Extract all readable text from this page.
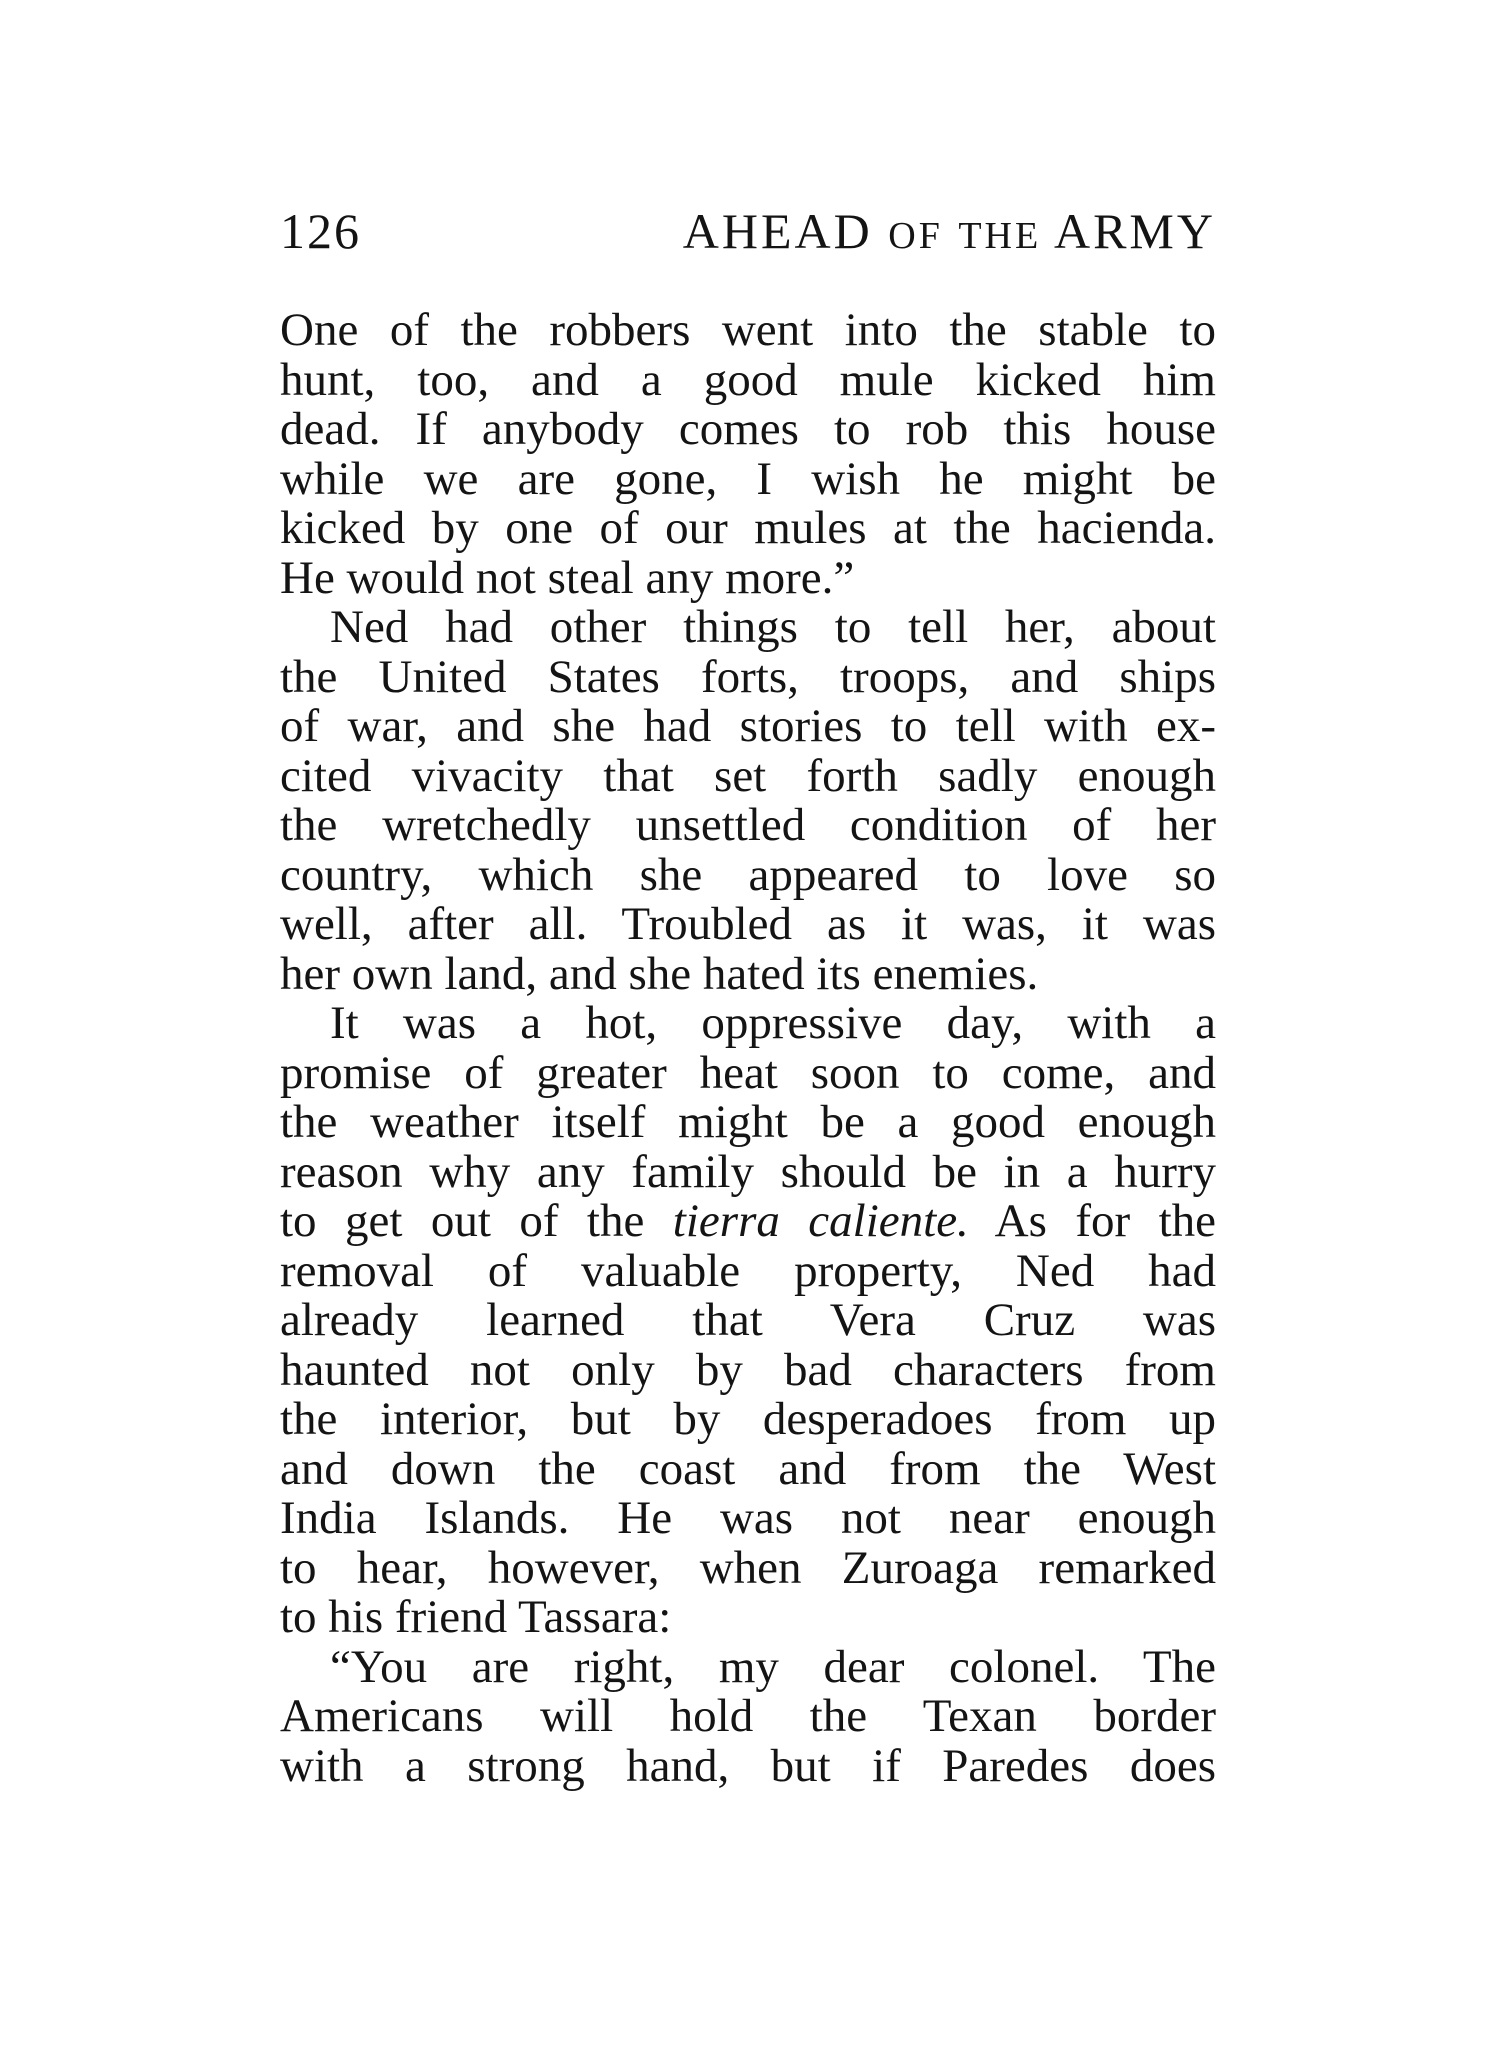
126	AHEAD OF THE ARMY
One of the robbers went into the stable to
hunt, too, and a good mule kicked him
dead. If anybody comes to rob this house
while we are gone, I wish he might be
kicked by one of our mules at the hacienda.
He would not steal any more.”
Ned had other things to tell her, about
the United States forts, troops, and ships
of war, and she had stories to tell with ex-
cited vivacity that set forth sadly enough
the wretchedly unsettled condition of her
country, which she appeared to love so
well, after all. Troubled as it was, it was
her own land, and she hated its enemies.
It was a hot, oppressive day, with a
promise of greater heat soon to come, and
the weather itself might be a good enough
reason why any family should be in a hurry
to get out of the tierra caliente. As for the
removal of valuable property, Ned had
already learned that Vera Cruz was
haunted not only by bad characters from
the interior, but by desperadoes from up
and down the coast and from the West
India Islands. He was not near enough
to hear, however, when Zuroaga remarked
to his friend Tassara:
“You are right, my dear colonel. The
Americans will hold the Texan border
with a strong hand, but if Paredes does
